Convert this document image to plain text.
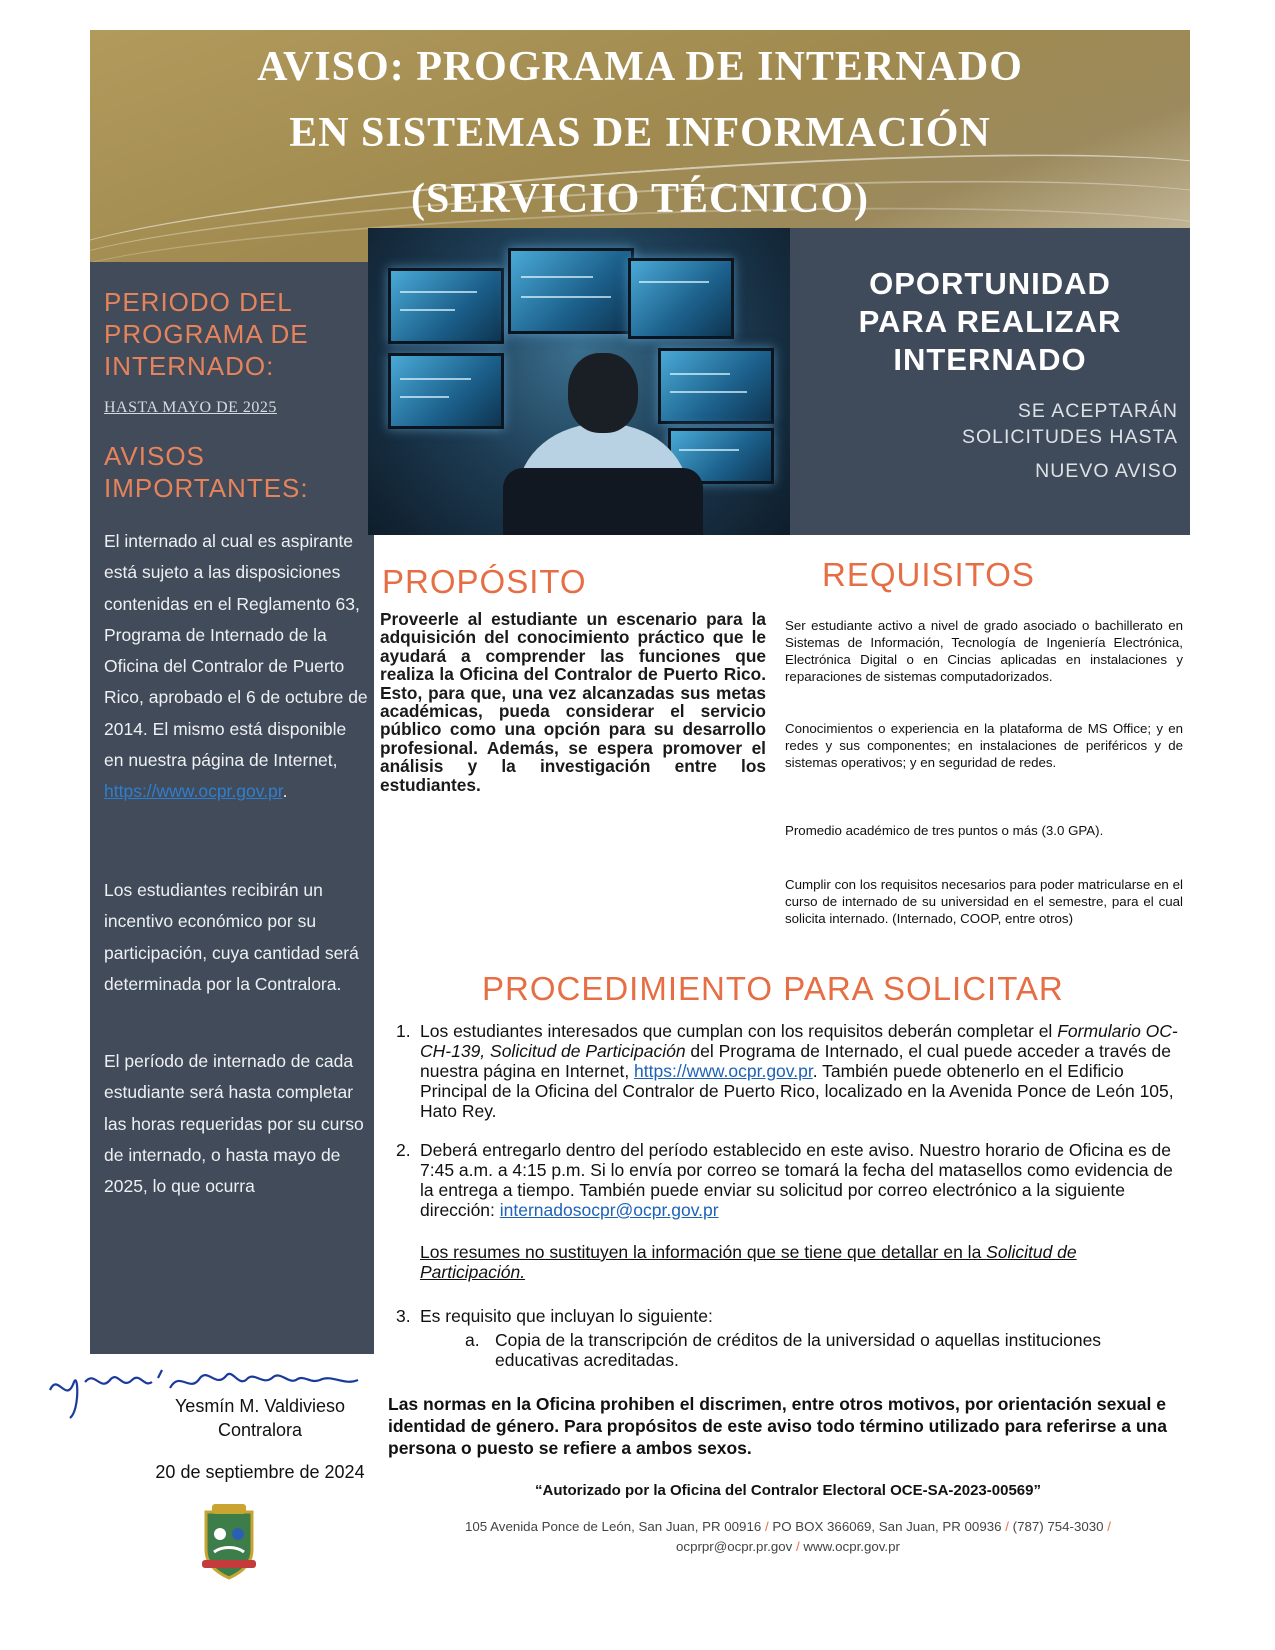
AVISO: PROGRAMA DE INTERNADO
EN SISTEMAS DE INFORMACIÓN
(SERVICIO TÉCNICO)
PERIODO DEL
PROGRAMA DE
INTERNADO:
HASTA MAYO DE 2025
AVISOS
IMPORTANTES:
El internado al cual es aspirante está sujeto a las disposiciones contenidas en el Reglamento 63, Programa de Internado de la Oficina del Contralor de Puerto Rico, aprobado el 6 de octubre de 2014. El mismo está disponible en nuestra página de Internet, https://www.ocpr.gov.pr.
Los estudiantes recibirán un incentivo económico por su participación, cuya cantidad será determinada por la Contralora.
El período de internado de cada estudiante será hasta completar las horas requeridas por su curso de internado, o hasta mayo de 2025, lo que ocurra
OPORTUNIDAD
PARA REALIZAR
INTERNADO
SE ACEPTARÁN
SOLICITUDES HASTA
NUEVO AVISO
PROPÓSITO
Proveerle al estudiante un escenario para la adquisición del conocimiento práctico que le ayudará a comprender las funciones que realiza la Oficina del Contralor de Puerto Rico. Esto, para que, una vez alcanzadas sus metas académicas, pueda considerar el servicio público como una opción para su desarrollo profesional. Además, se espera promover el análisis y la investigación entre los estudiantes.
REQUISITOS
Ser estudiante activo a nivel de grado asociado o bachillerato en Sistemas de Información, Tecnología de Ingeniería Electrónica, Electrónica Digital o en Cincias aplicadas en instalaciones y reparaciones de sistemas computadorizados.
Conocimientos o experiencia en la plataforma de MS Office; y en redes y sus componentes; en instalaciones de periféricos y de sistemas operativos; y en seguridad de redes.
Promedio académico de tres puntos o más (3.0 GPA).
Cumplir con los requisitos necesarios para poder matricularse en el curso de internado de su universidad en el semestre, para el cual solicita internado. (Internado, COOP, entre otros)
PROCEDIMIENTO PARA SOLICITAR
1. Los estudiantes interesados que cumplan con los requisitos deberán completar el Formulario OC-CH-139, Solicitud de Participación del Programa de Internado, el cual puede acceder a través de nuestra página en Internet, https://www.ocpr.gov.pr. También puede obtenerlo en el Edificio Principal de la Oficina del Contralor de Puerto Rico, localizado en la Avenida Ponce de León 105, Hato Rey.
2. Deberá entregarlo dentro del período establecido en este aviso. Nuestro horario de Oficina es de 7:45 a.m. a 4:15 p.m. Si lo envía por correo se tomará la fecha del matasellos como evidencia de la entrega a tiempo. También puede enviar su solicitud por correo electrónico a la siguiente dirección: internadosocpr@ocpr.gov.pr
Los resumes no sustituyen la información que se tiene que detallar en la Solicitud de Participación.
3. Es requisito que incluyan lo siguiente:
a. Copia de la transcripción de créditos de la universidad o aquellas instituciones educativas acreditadas.
Las normas en la Oficina prohiben el discrimen, entre otros motivos, por orientación sexual e identidad de género. Para propósitos de este aviso todo término utilizado para referirse a una persona o puesto se refiere a ambos sexos.
“Autorizado por la Oficina del Contralor Electoral OCE-SA-2023-00569”
105 Avenida Ponce de León, San Juan, PR 00916 / PO BOX 366069, San Juan, PR 00936 / (787) 754-3030 /
ocprpr@ocpr.pr.gov / www.ocpr.gov.pr
Yesmín M. Valdivieso
Contralora
20 de septiembre de 2024
